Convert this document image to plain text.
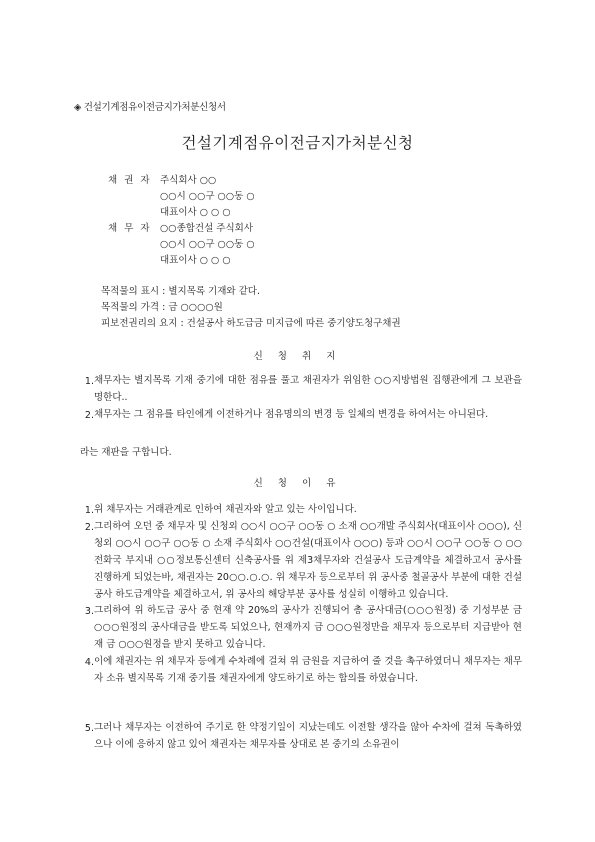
◈ 건설기계점유이전금지가처분신청서
건설기계점유이전금지가처분신청
채 권 자 주식회사 ○○
○○시 ○○구 ○○동 ○
대표이사 ○ ○ ○
채 무 자 ○○종합건설 주식회사
○○시 ○○구 ○○동 ○
대표이사 ○ ○ ○
목적물의 표시 : 별지목록 기재와 같다.
목적물의 가격 : 금 ○○○○원
피보전권리의 요지 : 건설공사 하도급금 미지급에 따른 중기양도청구채권
신 청 취 지
1. 채무자는 별지목록 기재 중기에 대한 점유를 풀고 채권자가 위임한 ○○지방법원 집행관에게 그 보관을 명한다..
2. 채무자는 그 점유를 타인에게 이전하거나 점유명의의 변경 등 일체의 변경을 하여서는 아니된다.
라는 재판을 구합니다.
신 청 이 유
1. 위 채무자는 거래관계로 인하여 채권자와 알고 있는 사이입니다.
2. 그리하여 오던 중 채무자 및 신청외 ○○시 ○○구 ○○동 ○ 소재 ○○개발 주식회사(대표이사 ○○○), 신청외 ○○시 ○○구 ○○동 ○ 소재 주식회사 ○○건설(대표이사 ○○○) 등과 ○○시 ○○구 ○○동 ○ ○○전화국 부지내 ○○정보통신센터 신축공사를 위 제3채무자와 건설공사 도급계약을 체결하고서 공사를 진행하게 되었는바, 채권자는 20○○.○.○. 위 채무자 등으로부터 위 공사중 철골공사 부분에 대한 건설공사 하도급계약을 체결하고서, 위 공사의 해당부분 공사를 성실히 이행하고 있습니다.
3. 그리하여 위 하도급 공사 중 현재 약 20%의 공사가 진행되어 총 공사대금(○○○원정) 중 기성부분 금 ○○○원정의 공사대금을 받도록 되었으나, 현재까지 금 ○○○원정만을 채무자 등으로부터 지급받아 현재 금 ○○○원정을 받지 못하고 있습니다.
4. 이에 채권자는 위 채무자 등에게 수차례에 걸쳐 위 금원을 지급하여 줄 것을 촉구하였더니 채무자는 채무자 소유 별지목록 기재 중기를 채권자에게 양도하기로 하는 합의를 하였습니다.
5. 그러나 채무자는 이전하여 주기로 한 약정기일이 지났는데도 이전할 생각을 않아 수차에 걸쳐 독촉하였으나 이에 응하지 않고 있어 채권자는 채무자를 상대로 본 중기의 소유권이
